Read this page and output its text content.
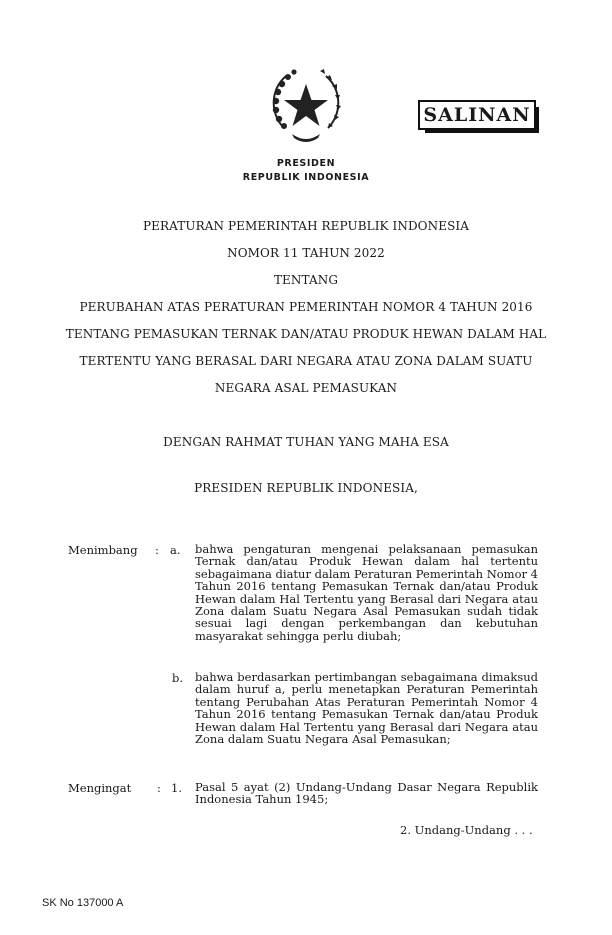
SALINAN
PRESIDEN
REPUBLIK INDONESIA
PERATURAN PEMERINTAH REPUBLIK INDONESIA
NOMOR 11 TAHUN 2022
TENTANG
PERUBAHAN ATAS PERATURAN PEMERINTAH NOMOR 4 TAHUN 2016
TENTANG PEMASUKAN TERNAK DAN/ATAU PRODUK HEWAN DALAM HAL
TERTENTU YANG BERASAL DARI NEGARA ATAU ZONA DALAM SUATU
NEGARA ASAL PEMASUKAN
DENGAN RAHMAT TUHAN YANG MAHA ESA
PRESIDEN REPUBLIK INDONESIA,
Menimbang : a. bahwa pengaturan mengenai pelaksanaan pemasukan Ternak dan/atau Produk Hewan dalam hal tertentu sebagaimana diatur dalam Peraturan Pemerintah Nomor 4 Tahun 2016 tentang Pemasukan Ternak dan/atau Produk Hewan dalam Hal Tertentu yang Berasal dari Negara atau Zona dalam Suatu Negara Asal Pemasukan sudah tidak sesuai lagi dengan perkembangan dan kebutuhan masyarakat sehingga perlu diubah;

b. bahwa berdasarkan pertimbangan sebagaimana dimaksud dalam huruf a, perlu menetapkan Peraturan Pemerintah tentang Perubahan Atas Peraturan Pemerintah Nomor 4 Tahun 2016 tentang Pemasukan Ternak dan/atau Produk Hewan dalam Hal Tertentu yang Berasal dari Negara atau Zona dalam Suatu Negara Asal Pemasukan;

Mengingat : 1. Pasal 5 ayat (2) Undang-Undang Dasar Negara Republik Indonesia Tahun 1945;

2. Undang-Undang . . .
SK No 137000 A
